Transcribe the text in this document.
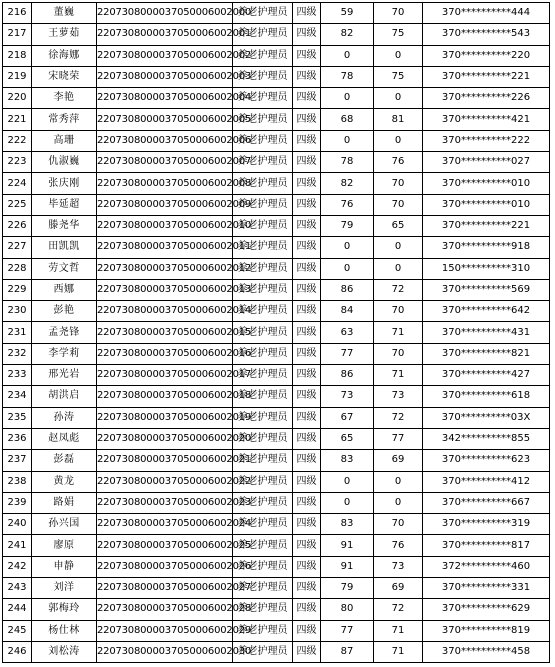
216	董巍	2207308000037050006002000	养老护理员	四级	59	70	370**********444
217	王萝茹	2207308000037050006002001	养老护理员	四级	82	75	370**********543
218	徐海娜	2207308000037050006002002	养老护理员	四级	0	0	370**********220
219	宋晓荣	2207308000037050006002003	养老护理员	四级	78	75	370**********221
220	李艳	2207308000037050006002004	养老护理员	四级	0	0	370**********226
221	常秀萍	2207308000037050006002005	养老护理员	四级	68	81	370**********421
222	高珊	2207308000037050006002006	养老护理员	四级	0	0	370**********222
223	仇淑巍	2207308000037050006002007	养老护理员	四级	78	76	370**********027
224	张庆刚	2207308000037050006002008	养老护理员	四级	82	70	370**********010
225	毕延超	2207308000037050006002009	养老护理员	四级	76	70	370**********010
226	滕尧华	2207308000037050006002010	养老护理员	四级	79	65	370**********221
227	田凯凯	2207308000037050006002011	养老护理员	四级	0	0	370**********918
228	劳文哲	2207308000037050006002012	养老护理员	四级	0	0	150**********310
229	西娜	2207308000037050006002013	养老护理员	四级	86	72	370**********569
230	彭艳	2207308000037050006002014	养老护理员	四级	84	70	370**********642
231	孟尧锋	2207308000037050006002015	养老护理员	四级	63	71	370**********431
232	李学莉	2207308000037050006002016	养老护理员	四级	77	70	370**********821
233	邢光岩	2207308000037050006002017	养老护理员	四级	86	71	370**********427
234	胡洪启	2207308000037050006002018	养老护理员	四级	73	73	370**********618
235	孙涛	2207308000037050006002019	养老护理员	四级	67	72	370**********03X
236	赵凤彪	2207308000037050006002020	养老护理员	四级	65	77	342**********855
237	彭磊	2207308000037050006002021	养老护理员	四级	83	69	370**********623
238	黄龙	2207308000037050006002022	养老护理员	四级	0	0	370**********412
239	路娟	2207308000037050006002023	养老护理员	四级	0	0	370**********667
240	孙兴国	2207308000037050006002024	养老护理员	四级	83	70	370**********319
241	廖原	2207308000037050006002025	养老护理员	四级	91	76	370**********817
242	申静	2207308000037050006002026	养老护理员	四级	91	73	372**********460
243	刘洋	2207308000037050006002027	养老护理员	四级	79	69	370**********331
244	郭梅玲	2207308000037050006002028	养老护理员	四级	80	72	370**********629
245	杨仕林	2207308000037050006002029	养老护理员	四级	77	71	370**********819
246	刘松涛	2207308000037050006002030	养老护理员	四级	87	71	370**********458
